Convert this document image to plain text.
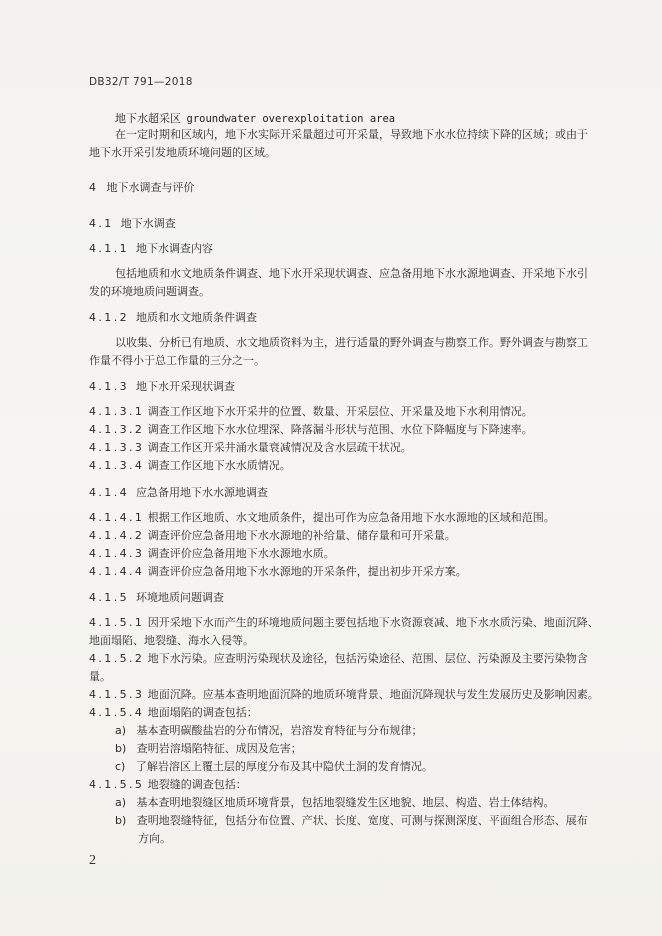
DB32/T 791—2018
地下水超采区 groundwater overexploitation area
在一定时期和区域内，地下水实际开采量超过可开采量，导致地下水水位持续下降的区域；或由于
地下水开采引发地质环境问题的区域。
4 地下水调查与评价
4.1 地下水调查
4.1.1 地下水调查内容
包括地质和水文地质条件调查、地下水开采现状调查、应急备用地下水水源地调查、开采地下水引
发的环境地质问题调查。
4.1.2 地质和水文地质条件调查
以收集、分析已有地质、水文地质资料为主，进行适量的野外调查与勘察工作。野外调查与勘察工
作量不得小于总工作量的三分之一。
4.1.3 地下水开采现状调查
4.1.3.1 调查工作区地下水开采井的位置、数量、开采层位、开采量及地下水利用情况。
4.1.3.2 调查工作区地下水水位埋深、降落漏斗形状与范围、水位下降幅度与下降速率。
4.1.3.3 调查工作区开采井涌水量衰减情况及含水层疏干状况。
4.1.3.4 调查工作区地下水水质情况。
4.1.4 应急备用地下水水源地调查
4.1.4.1 根据工作区地质、水文地质条件，提出可作为应急备用地下水水源地的区域和范围。
4.1.4.2 调查评价应急备用地下水水源地的补给量、储存量和可开采量。
4.1.4.3 调查评价应急备用地下水水源地水质。
4.1.4.4 调查评价应急备用地下水水源地的开采条件，提出初步开采方案。
4.1.5 环境地质问题调查
4.1.5.1 因开采地下水而产生的环境地质问题主要包括地下水资源衰减、地下水水质污染、地面沉降、
地面塌陷、地裂缝、海水入侵等。
4.1.5.2 地下水污染。应查明污染现状及途径，包括污染途径、范围、层位、污染源及主要污染物含
量。
4.1.5.3 地面沉降。应基本查明地面沉降的地质环境背景、地面沉降现状与发生发展历史及影响因素。
4.1.5.4 地面塌陷的调查包括：
a) 基本查明碳酸盐岩的分布情况，岩溶发育特征与分布规律；
b) 查明岩溶塌陷特征、成因及危害；
c) 了解岩溶区上覆土层的厚度分布及其中隐伏土洞的发育情况。
4.1.5.5 地裂缝的调查包括：
a) 基本查明地裂缝区地质环境背景，包括地裂缝发生区地貌、地层、构造、岩土体结构。
b) 查明地裂缝特征，包括分布位置、产状、长度、宽度、可测与探测深度、平面组合形态、展布
方向。
2
